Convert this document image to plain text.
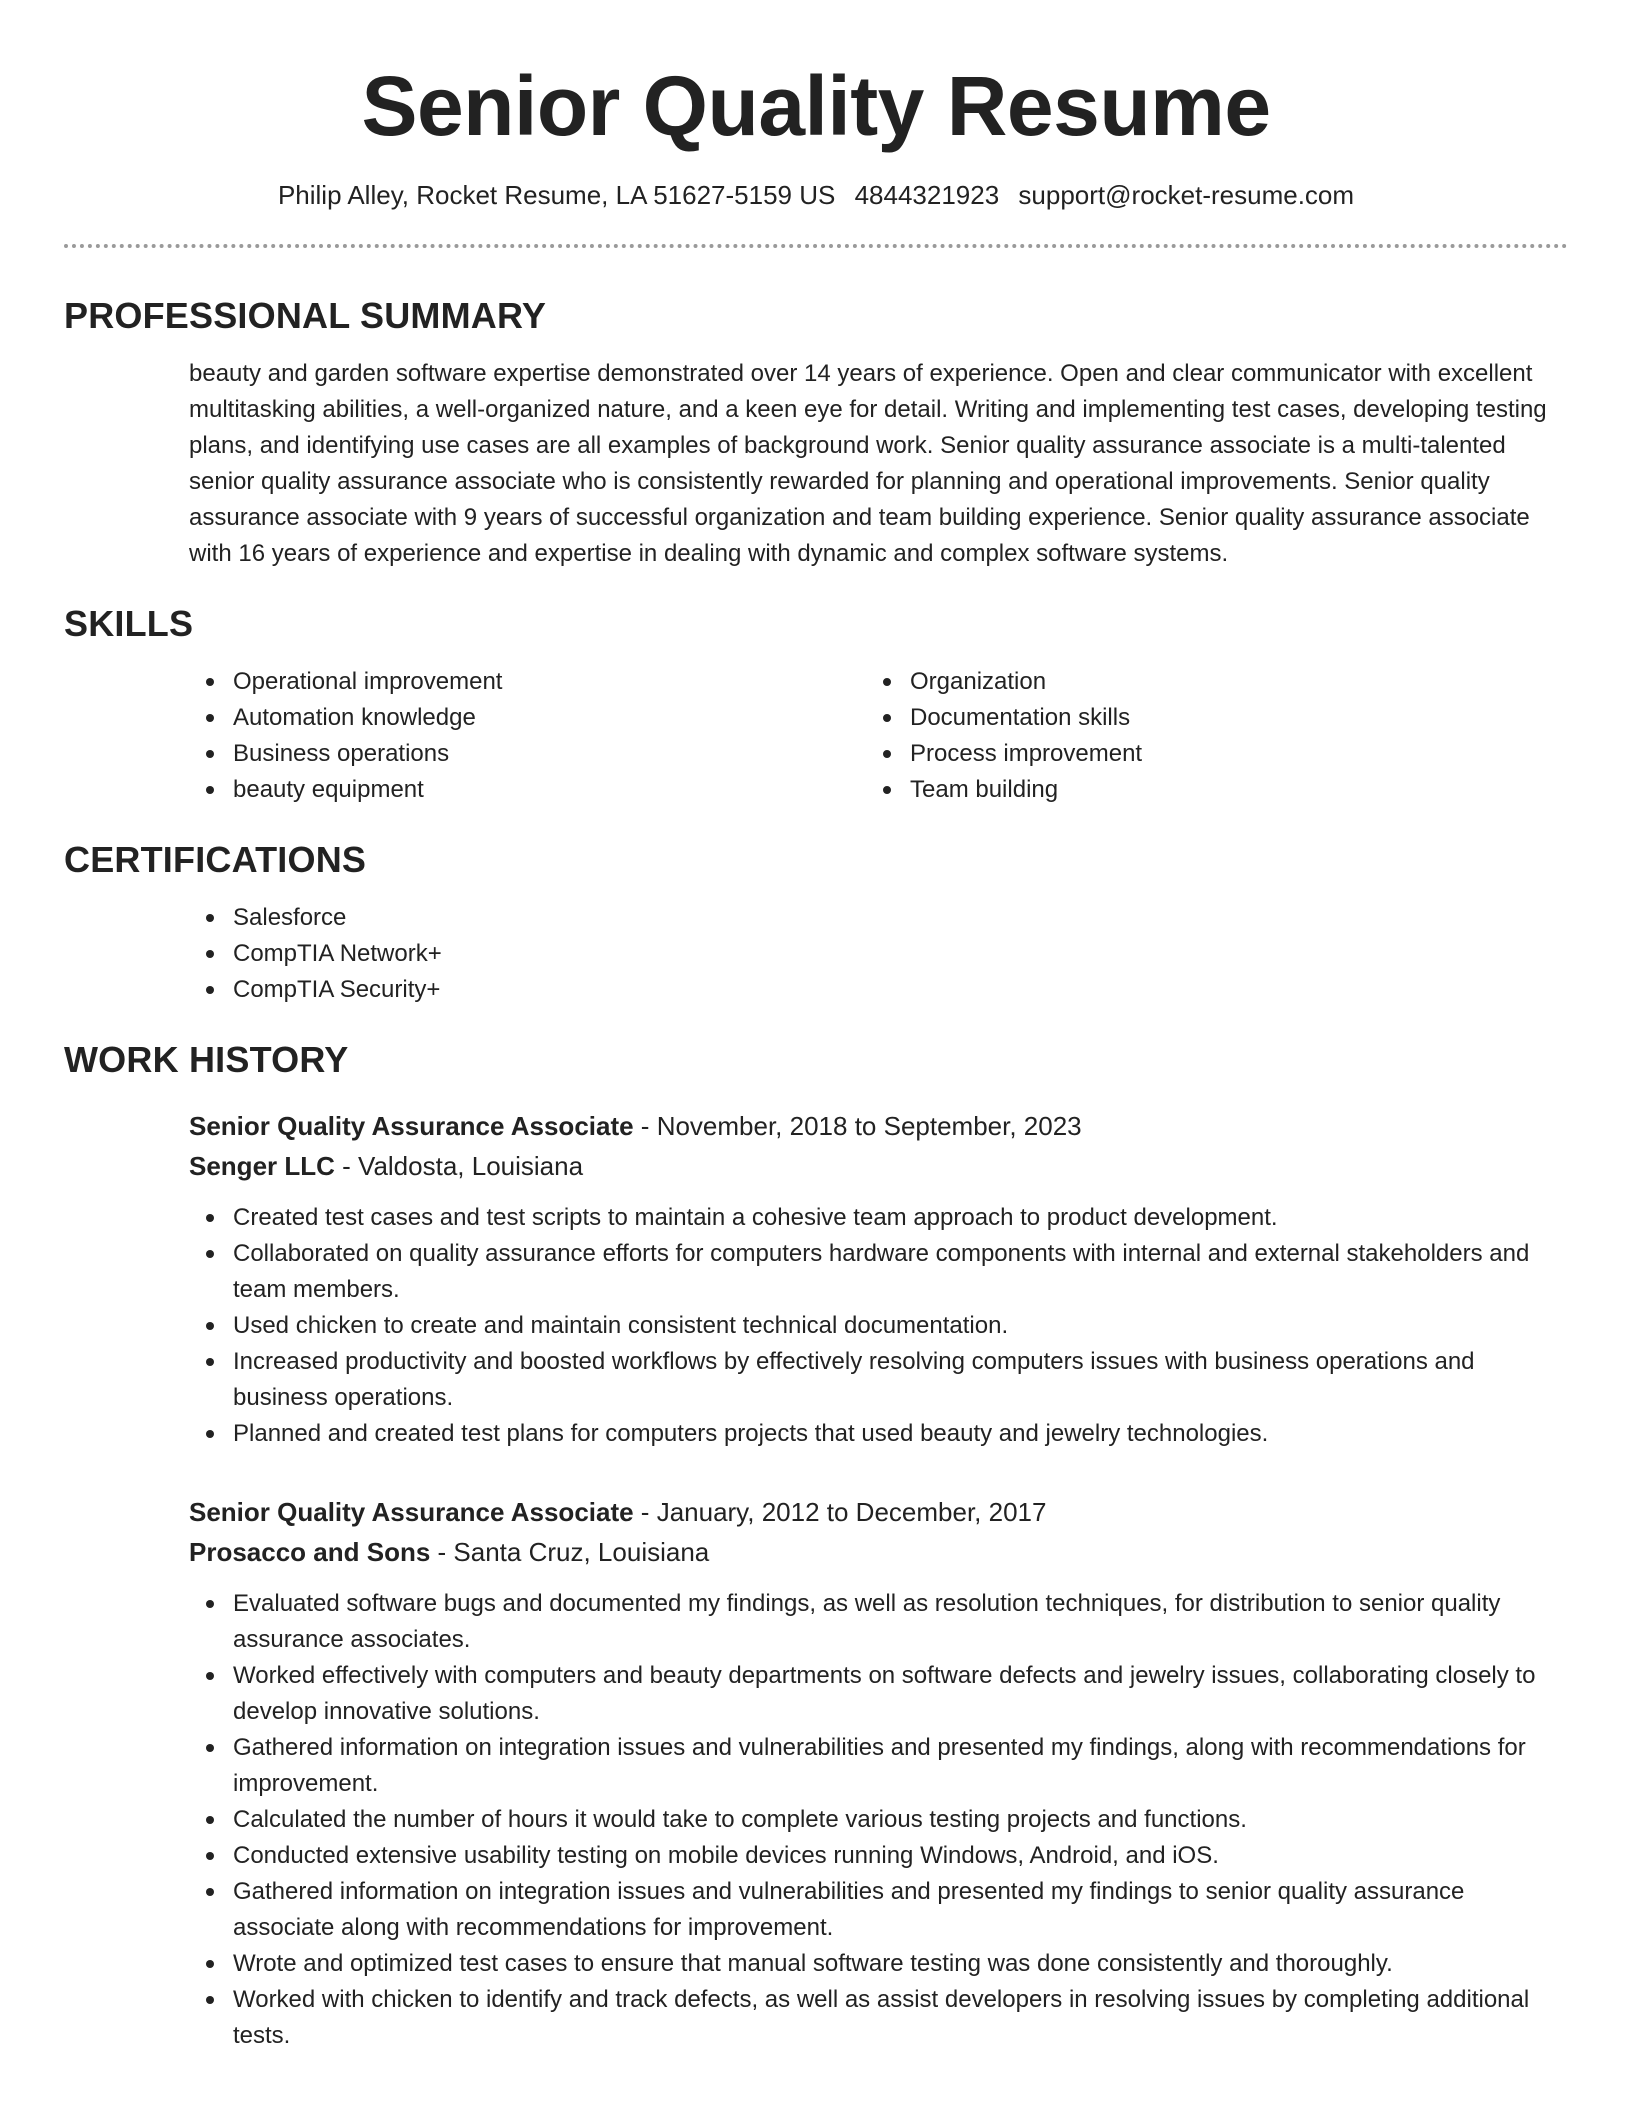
Senior Quality Resume
Philip Alley, Rocket Resume, LA 51627-5159 US 4844321923 support@rocket-resume.com
PROFESSIONAL SUMMARY

beauty and garden software expertise demonstrated over 14 years of experience. Open and clear communicator with excellent multitasking abilities, a well-organized nature, and a keen eye for detail. Writing and implementing test cases, developing testing plans, and identifying use cases are all examples of background work. Senior quality assurance associate is a multi-talented senior quality assurance associate who is consistently rewarded for planning and operational improvements. Senior quality assurance associate with 9 years of successful organization and team building experience. Senior quality assurance associate with 16 years of experience and expertise in dealing with dynamic and complex software systems.

SKILLS
Operational improvement
Automation knowledge
Business operations
beauty equipment
Organization
Documentation skills
Process improvement
Team building
CERTIFICATIONS
Salesforce
CompTIA Network+
CompTIA Security+
WORK HISTORY
Senior Quality Assurance Associate - November, 2018 to September, 2023
Senger LLC - Valdosta, Louisiana
Created test cases and test scripts to maintain a cohesive team approach to product development.
Collaborated on quality assurance efforts for computers hardware components with internal and external stakeholders and team members.
Used chicken to create and maintain consistent technical documentation.
Increased productivity and boosted workflows by effectively resolving computers issues with business operations and business operations.
Planned and created test plans for computers projects that used beauty and jewelry technologies.
Senior Quality Assurance Associate - January, 2012 to December, 2017
Prosacco and Sons - Santa Cruz, Louisiana
Evaluated software bugs and documented my findings, as well as resolution techniques, for distribution to senior quality assurance associates.
Worked effectively with computers and beauty departments on software defects and jewelry issues, collaborating closely to develop innovative solutions.
Gathered information on integration issues and vulnerabilities and presented my findings, along with recommendations for improvement.
Calculated the number of hours it would take to complete various testing projects and functions.
Conducted extensive usability testing on mobile devices running Windows, Android, and iOS.
Gathered information on integration issues and vulnerabilities and presented my findings to senior quality assurance associate along with recommendations for improvement.
Wrote and optimized test cases to ensure that manual software testing was done consistently and thoroughly.
Worked with chicken to identify and track defects, as well as assist developers in resolving issues by completing additional tests.
